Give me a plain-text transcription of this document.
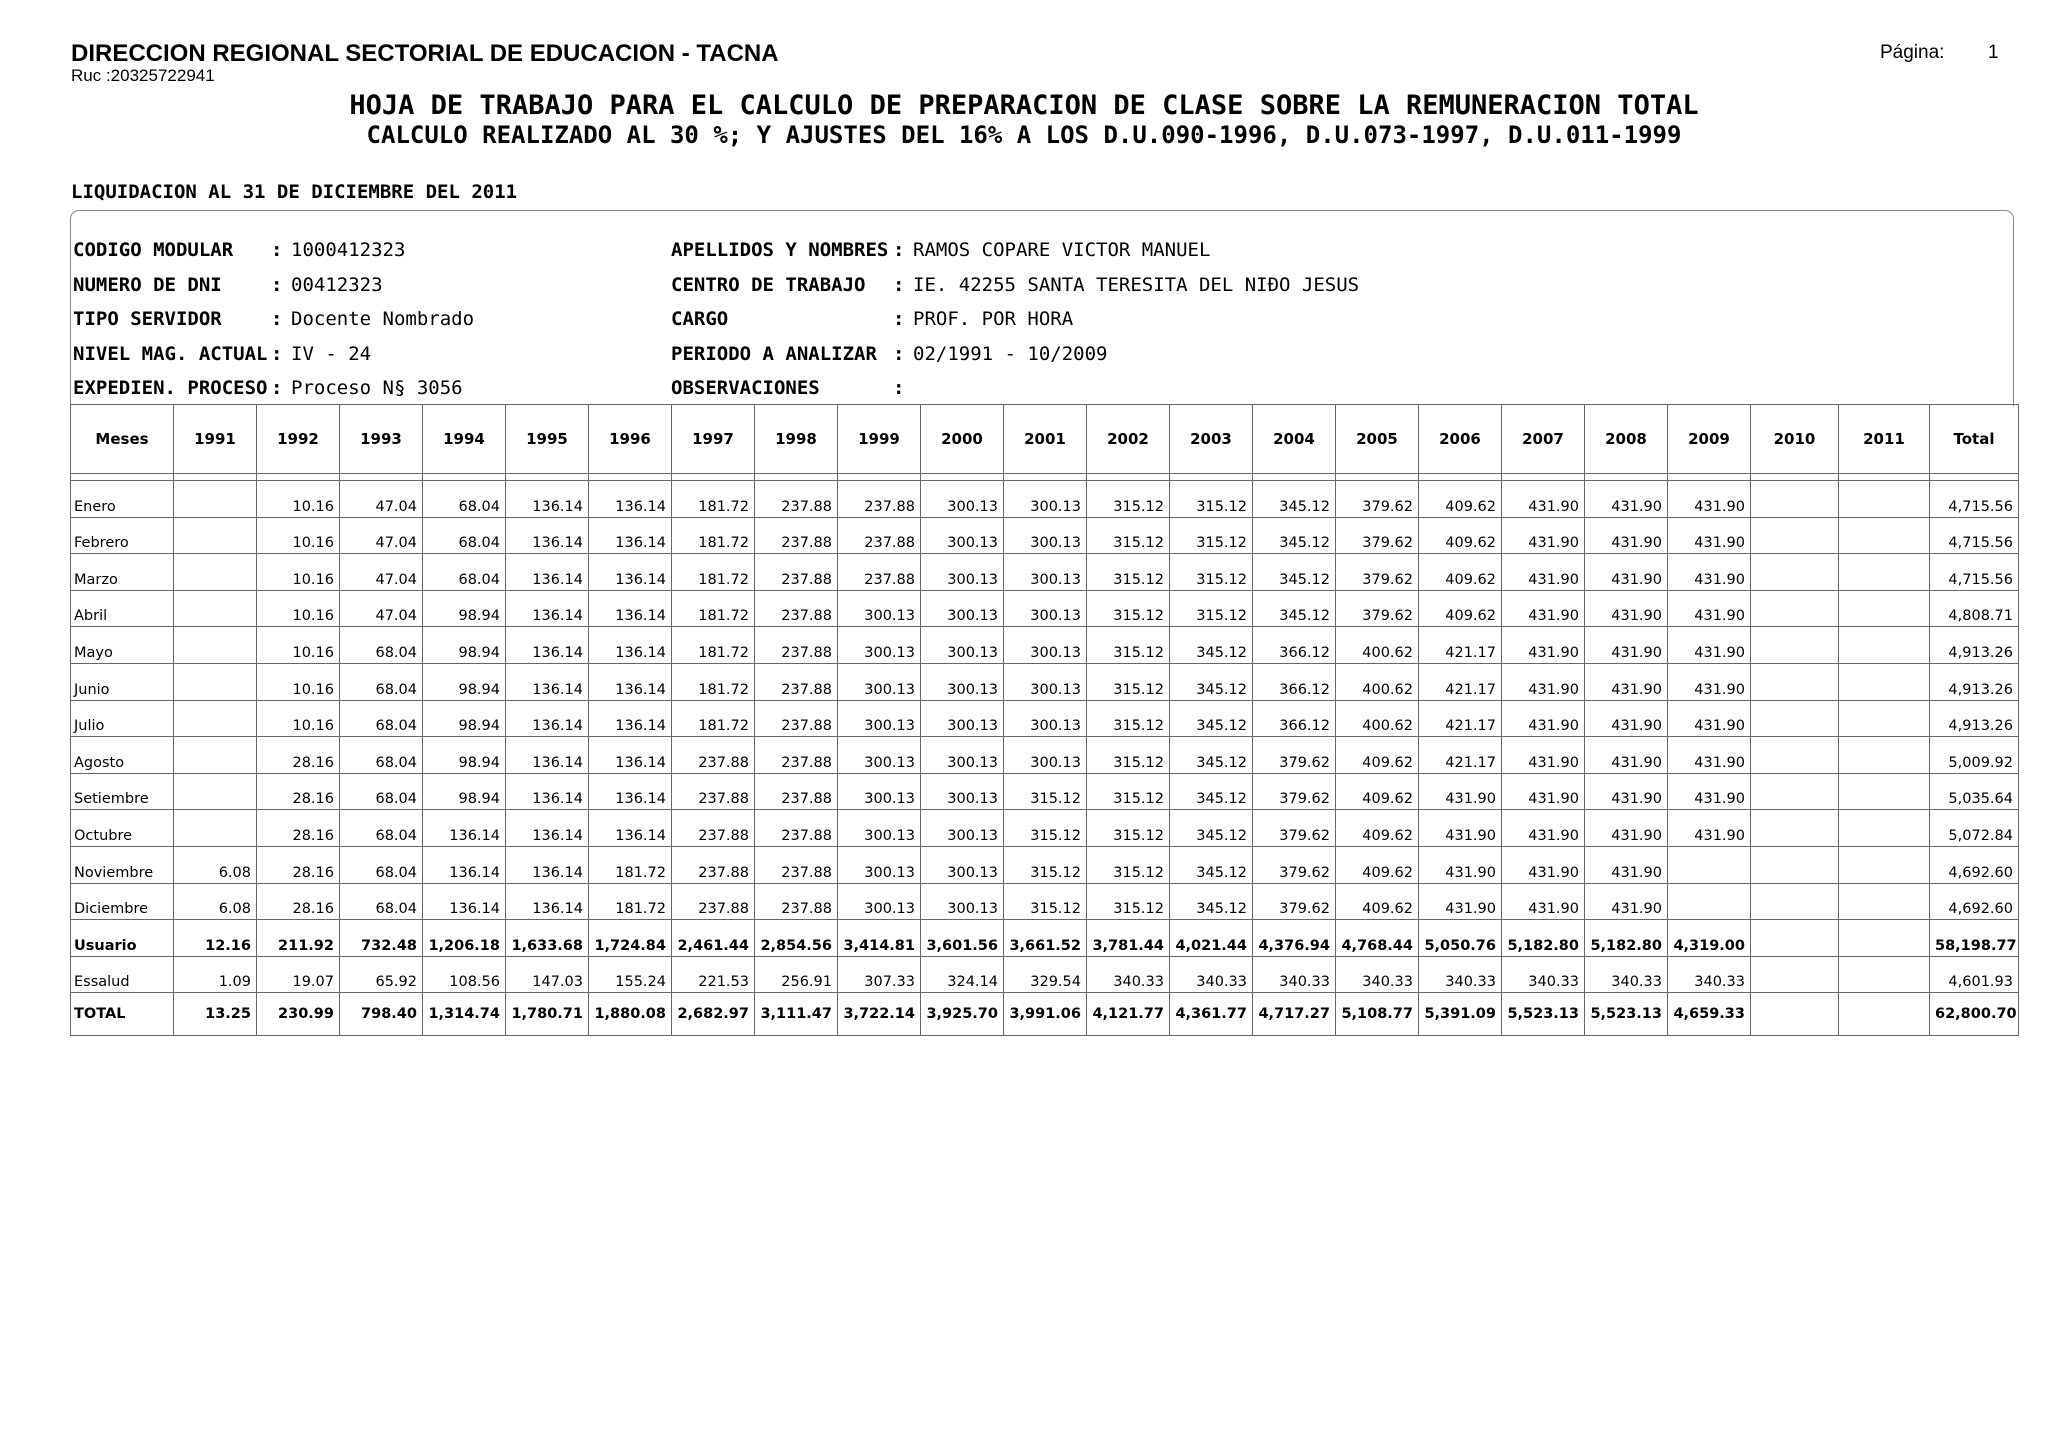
DIRECCION REGIONAL SECTORIAL DE EDUCACION - TACNA
Ruc :20325722941
Página: 1
HOJA DE TRABAJO PARA EL CALCULO DE PREPARACION DE CLASE SOBRE LA REMUNERACION TOTAL
CALCULO REALIZADO AL 30 %; Y AJUSTES DEL 16% A LOS D.U.090-1996, D.U.073-1997, D.U.011-1999
LIQUIDACION AL 31 DE DICIEMBRE DEL 2011
CODIGO MODULAR : 1000412323
NUMERO DE DNI	: 00412323
TIPO SERVIDOR	: Docente Nombrado
NIVEL MAG. ACTUAL : IV - 24
EXPEDIEN. PROCESO : Proceso N§ 3056
APELLIDOS Y NOMBRES : RAMOS COPARE VICTOR MANUEL
CENTRO DE TRABAJO : IE. 42255 SANTA TERESITA DEL NIÐO JESUS
CARGO	: PROF. POR HORA
PERIODO A ANALIZAR : 02/1991 - 10/2009
OBSERVACIONES	:
Meses	1991	1992	1993	1994	1995	1996	1997	1998	1999	2000	2001	2002	2003	2004	2005	2006	2007	2008	2009	2010	2011	Total

Enero		10.16	47.04	68.04	136.14	136.14	181.72	237.88	237.88	300.13	300.13	315.12	315.12	345.12	379.62	409.62	431.90	431.90	431.90			4,715.56
Febrero		10.16	47.04	68.04	136.14	136.14	181.72	237.88	237.88	300.13	300.13	315.12	315.12	345.12	379.62	409.62	431.90	431.90	431.90			4,715.56
Marzo		10.16	47.04	68.04	136.14	136.14	181.72	237.88	237.88	300.13	300.13	315.12	315.12	345.12	379.62	409.62	431.90	431.90	431.90			4,715.56
Abril		10.16	47.04	98.94	136.14	136.14	181.72	237.88	300.13	300.13	300.13	315.12	315.12	345.12	379.62	409.62	431.90	431.90	431.90			4,808.71
Mayo		10.16	68.04	98.94	136.14	136.14	181.72	237.88	300.13	300.13	300.13	315.12	345.12	366.12	400.62	421.17	431.90	431.90	431.90			4,913.26
Junio		10.16	68.04	98.94	136.14	136.14	181.72	237.88	300.13	300.13	300.13	315.12	345.12	366.12	400.62	421.17	431.90	431.90	431.90			4,913.26
Julio		10.16	68.04	98.94	136.14	136.14	181.72	237.88	300.13	300.13	300.13	315.12	345.12	366.12	400.62	421.17	431.90	431.90	431.90			4,913.26
Agosto		28.16	68.04	98.94	136.14	136.14	237.88	237.88	300.13	300.13	300.13	315.12	345.12	379.62	409.62	421.17	431.90	431.90	431.90			5,009.92
Setiembre		28.16	68.04	98.94	136.14	136.14	237.88	237.88	300.13	300.13	315.12	315.12	345.12	379.62	409.62	431.90	431.90	431.90	431.90			5,035.64
Octubre		28.16	68.04	136.14	136.14	136.14	237.88	237.88	300.13	300.13	315.12	315.12	345.12	379.62	409.62	431.90	431.90	431.90	431.90			5,072.84
Noviembre	6.08	28.16	68.04	136.14	136.14	181.72	237.88	237.88	300.13	300.13	315.12	315.12	345.12	379.62	409.62	431.90	431.90	431.90				4,692.60
Diciembre	6.08	28.16	68.04	136.14	136.14	181.72	237.88	237.88	300.13	300.13	315.12	315.12	345.12	379.62	409.62	431.90	431.90	431.90				4,692.60
Usuario	12.16	211.92	732.48	1,206.18	1,633.68	1,724.84	2,461.44	2,854.56	3,414.81	3,601.56	3,661.52	3,781.44	4,021.44	4,376.94	4,768.44	5,050.76	5,182.80	5,182.80	4,319.00			58,198.77
Essalud	1.09	19.07	65.92	108.56	147.03	155.24	221.53	256.91	307.33	324.14	329.54	340.33	340.33	340.33	340.33	340.33	340.33	340.33	340.33			4,601.93
TOTAL	13.25	230.99	798.40	1,314.74	1,780.71	1,880.08	2,682.97	3,111.47	3,722.14	3,925.70	3,991.06	4,121.77	4,361.77	4,717.27	5,108.77	5,391.09	5,523.13	5,523.13	4,659.33			62,800.70
